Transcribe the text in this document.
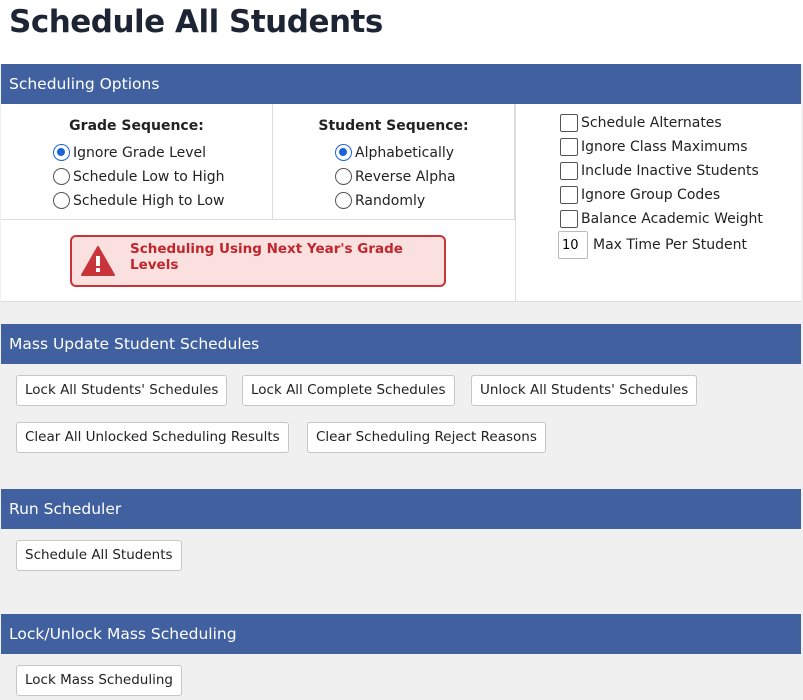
Schedule All Students
Scheduling Options
Grade Sequence:
Ignore Grade Level
Schedule Low to High
Schedule High to Low
Student Sequence:
Alphabetically
Reverse Alpha
Randomly
Scheduling Using Next Year's Grade Levels
Schedule Alternates
Ignore Class Maximums
Include Inactive Students
Ignore Group Codes
Balance Academic Weight
10
Max Time Per Student
Mass Update Student Schedules
Lock All Students' Schedules	Lock All Complete Schedules	Unlock All Students' Schedules
Clear All Unlocked Scheduling Results	Clear Scheduling Reject Reasons
Run Scheduler
Schedule All Students
Lock/Unlock Mass Scheduling
Lock Mass Scheduling
